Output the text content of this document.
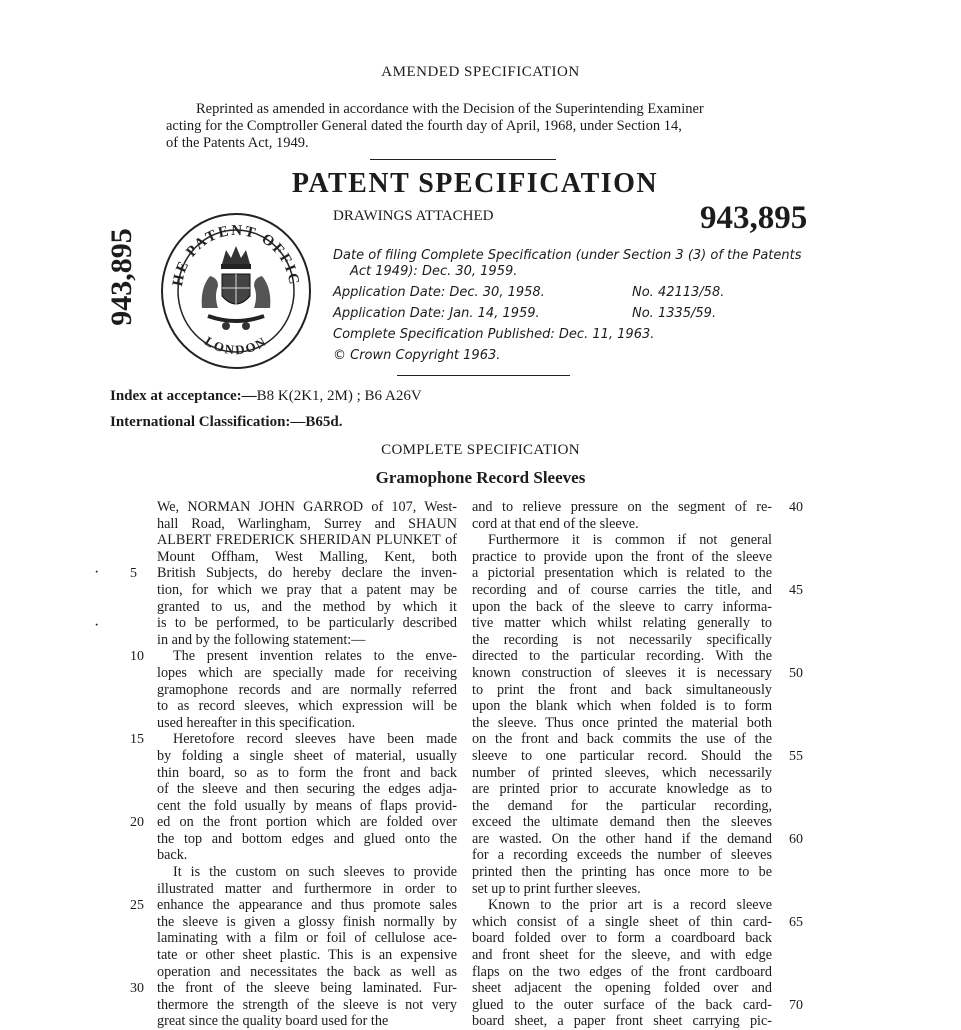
AMENDED SPECIFICATION
Reprinted as amended in accordance with the Decision of the Superintending Examiner
acting for the Comptroller General dated the fourth day of April, 1968, under Section 14,
of the Patents Act, 1949.
PATENT SPECIFICATION
DRAWINGS ATTACHED	943,895
943,895	HE PATENT OFFIC
LONDON
Date of filing Complete Specification (under Section 3 (3) of the Patents
Act 1949): Dec. 30, 1959.
Application Date: Dec. 30, 1958.	No. 42113/58.
Application Date: Jan. 14, 1959.	No. 1335/59.
Complete Specification Published: Dec. 11, 1963.
© Crown Copyright 1963.
Index at acceptance:—B8 K(2K1, 2M) ; B6 A26V
International Classification:—B65d.
COMPLETE SPECIFICATION
Gramophone Record Sleeves
We, NORMAN JOHN GARROD of 107, West-
hall Road, Warlingham, Surrey and SHAUN
ALBERT FREDERICK SHERIDAN PLUNKET of
Mount Offham, West Malling, Kent, both
British Subjects, do hereby declare the inven-
tion, for which we pray that a patent may be
granted to us, and the method by which it
is to be performed, to be particularly described
in and by the following statement:—
The present invention relates to the enve-
lopes which are specially made for receiving
gramophone records and are normally referred
to as record sleeves, which expression will be
used hereafter in this specification.
Heretofore record sleeves have been made
by folding a single sheet of material, usually
thin board, so as to form the front and back
of the sleeve and then securing the edges adja-
cent the fold usually by means of flaps provid-
ed on the front portion which are folded over
the top and bottom edges and glued onto the
back.
It is the custom on such sleeves to provide
illustrated matter and furthermore in order to
enhance the appearance and thus promote sales
the sleeve is given a glossy finish normally by
laminating with a film or foil of cellulose ace-
tate or other sheet plastic. This is an expensive
operation and necessitates the back as well as
the front of the sleeve being laminated. Fur-
thermore the strength of the sleeve is not very
great since the quality board used for the
and to relieve pressure on the segment of re-
cord at that end of the sleeve.
Furthermore it is common if not general
practice to provide upon the front of the sleeve
a pictorial presentation which is related to the
recording and of course carries the title, and
upon the back of the sleeve to carry informa-
tive matter which whilst relating generally to
the recording is not necessarily specifically
directed to the particular recording. With the
known construction of sleeves it is necessary
to print the front and back simultaneously
upon the blank which when folded is to form
the sleeve. Thus once printed the material both
on the front and back commits the use of the
sleeve to one particular record. Should the
number of printed sleeves, which necessarily
are printed prior to accurate knowledge as to
the demand for the particular recording,
exceed the ultimate demand then the sleeves
are wasted. On the other hand if the demand
for a recording exceeds the number of sleeves
printed then the printing has once more to be
set up to print further sleeves.
Known to the prior art is a record sleeve
which consist of a single sheet of thin card-
board folded over to form a coardboard back
and front sheet for the sleeve, and with edge
flaps on the two edges of the front cardboard
sheet adjacent the opening folded over and
glued to the outer surface of the back card-
board sheet, a paper front sheet carrying pic-
5
10
15
20
25
30
40
45
50
55
60
65
70
·
·
